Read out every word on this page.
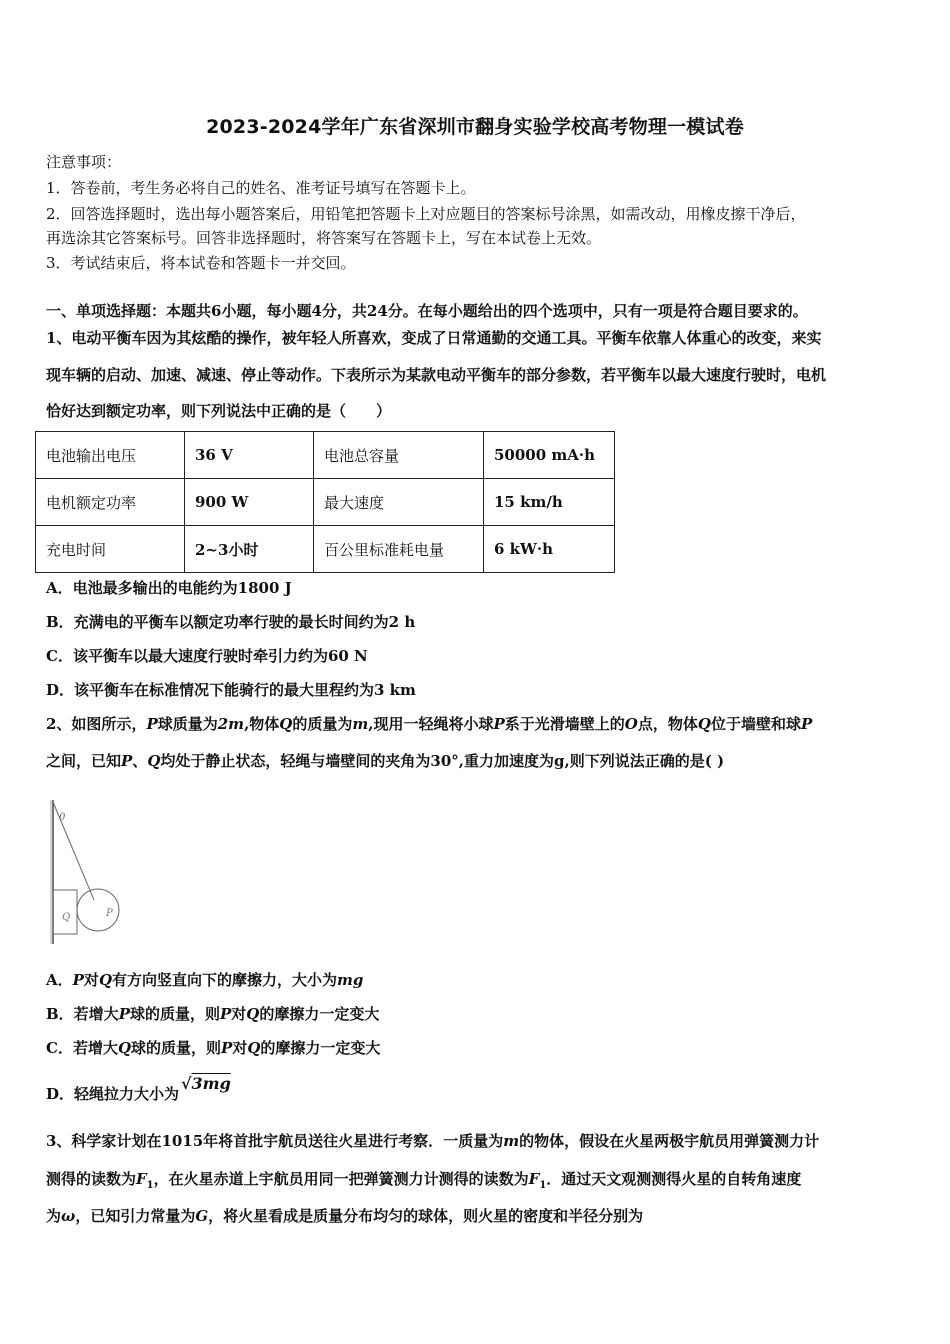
2023-2024学年广东省深圳市翻身实验学校高考物理一模试卷
注意事项：
1．答卷前，考生务必将自己的姓名、准考证号填写在答题卡上。
2．回答选择题时，选出每小题答案后，用铅笔把答题卡上对应题目的答案标号涂黑，如需改动，用橡皮擦干净后，
再选涂其它答案标号。回答非选择题时，将答案写在答题卡上，写在本试卷上无效。
3．考试结束后，将本试卷和答题卡一并交回。
一、单项选择题：本题共6小题，每小题4分，共24分。在每小题给出的四个选项中，只有一项是符合题目要求的。
1、电动平衡车因为其炫酷的操作，被年轻人所喜欢，变成了日常通勤的交通工具。平衡车依靠人体重心的改变，来实
现车辆的启动、加速、减速、停止等动作。下表所示为某款电动平衡车的部分参数，若平衡车以最大速度行驶时，电机
恰好达到额定功率，则下列说法中正确的是（　　）
电池输出电压	36 V	电池总容量	50000 mA·h
电机额定功率	900 W	最大速度	15 km/h
充电时间	2~3小时	百公里标准耗电量	6 kW·h
A．电池最多输出的电能约为1800 J
B．充满电的平衡车以额定功率行驶的最长时间约为2 h
C．该平衡车以最大速度行驶时牵引力约为60 N
D．该平衡车在标准情况下能骑行的最大里程约为3 km
2、如图所示，P球质量为2m,物体Q的质量为m,现用一轻绳将小球P系于光滑墙壁上的O点，物体Q位于墙壁和球P
之间，已知P、Q均处于静止状态，轻绳与墙壁间的夹角为30°,重力加速度为g,则下列说法正确的是( )
0
Q	P
A．P对Q有方向竖直向下的摩擦力，大小为mg
B．若增大P球的质量，则P对Q的摩擦力一定变大
C．若增大Q球的质量，则P对Q的摩擦力一定变大
D．轻绳拉力大小为√3mg
3、科学家计划在1015年将首批宇航员送往火星进行考察．一质量为m的物体，假设在火星两极宇航员用弹簧测力计
测得的读数为$F_1$，在火星赤道上宇航员用同一把弹簧测力计测得的读数为$F_1$．通过天文观测测得火星的自转角速度
为ω，已知引力常量为G，将火星看成是质量分布均匀的球体，则火星的密度和半径分别为
